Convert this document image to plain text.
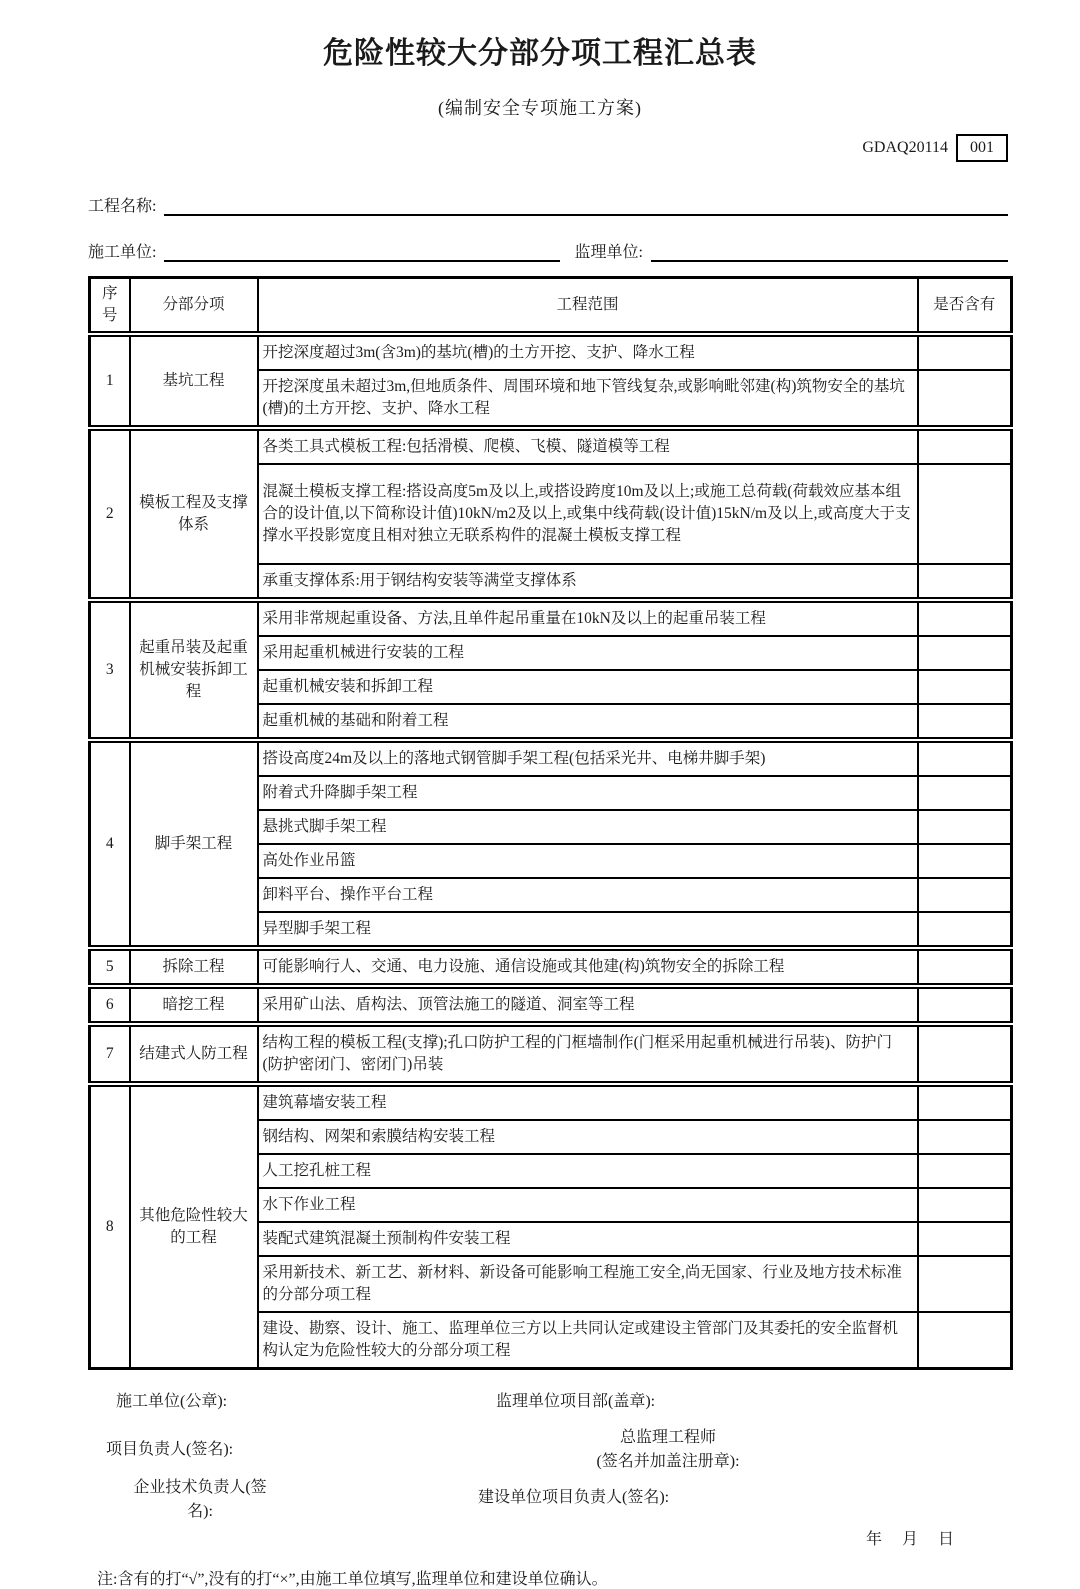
危险性较大分部分项工程汇总表
(编制安全专项施工方案)
GDAQ20114 001
工程名称:
施工单位:	监理单位:
序号	分部分项	工程范围	是否含有
1	基坑工程	开挖深度超过3m(含3m)的基坑(槽)的土方开挖、支护、降水工程	
		开挖深度虽未超过3m,但地质条件、周围环境和地下管线复杂,或影响毗邻建(构)筑物安全的基坑(槽)的土方开挖、支护、降水工程	
2	模板工程及支撑体系	各类工具式模板工程:包括滑模、爬模、飞模、隧道模等工程	
		混凝土模板支撑工程:搭设高度5m及以上,或搭设跨度10m及以上;或施工总荷载(荷载效应基本组合的设计值,以下简称设计值)10kN/m2及以上,或集中线荷载(设计值)15kN/m及以上,或高度大于支撑水平投影宽度且相对独立无联系构件的混凝土模板支撑工程	
		承重支撑体系:用于钢结构安装等满堂支撑体系	
3	起重吊装及起重机械安装拆卸工程	采用非常规起重设备、方法,且单件起吊重量在10kN及以上的起重吊装工程	
		采用起重机械进行安装的工程	
		起重机械安装和拆卸工程	
		起重机械的基础和附着工程	
4	脚手架工程	搭设高度24m及以上的落地式钢管脚手架工程(包括采光井、电梯井脚手架)	
		附着式升降脚手架工程	
		悬挑式脚手架工程	
		高处作业吊篮	
		卸料平台、操作平台工程	
		异型脚手架工程	
5	拆除工程	可能影响行人、交通、电力设施、通信设施或其他建(构)筑物安全的拆除工程	
6	暗挖工程	采用矿山法、盾构法、顶管法施工的隧道、洞室等工程	
7	结建式人防工程	结构工程的模板工程(支撑);孔口防护工程的门框墙制作(门框采用起重机械进行吊装)、防护门(防护密闭门、密闭门)吊装	
8	其他危险性较大的工程	建筑幕墙安装工程	
		钢结构、网架和索膜结构安装工程	
		人工挖孔桩工程	
		水下作业工程	
		装配式建筑混凝土预制构件安装工程	
		采用新技术、新工艺、新材料、新设备可能影响工程施工安全,尚无国家、行业及地方技术标准的分部分项工程	
		建设、勘察、设计、施工、监理单位三方以上共同认定或建设主管部门及其委托的安全监督机构认定为危险性较大的分部分项工程	
施工单位(公章):
项目负责人(签名):
企业技术负责人(签名):
监理单位项目部(盖章):
总监理工程师
(签名并加盖注册章):
建设单位项目负责人(签名):
年　月　日
注:含有的打“√”,没有的打“×”,由施工单位填写,监理单位和建设单位确认。
